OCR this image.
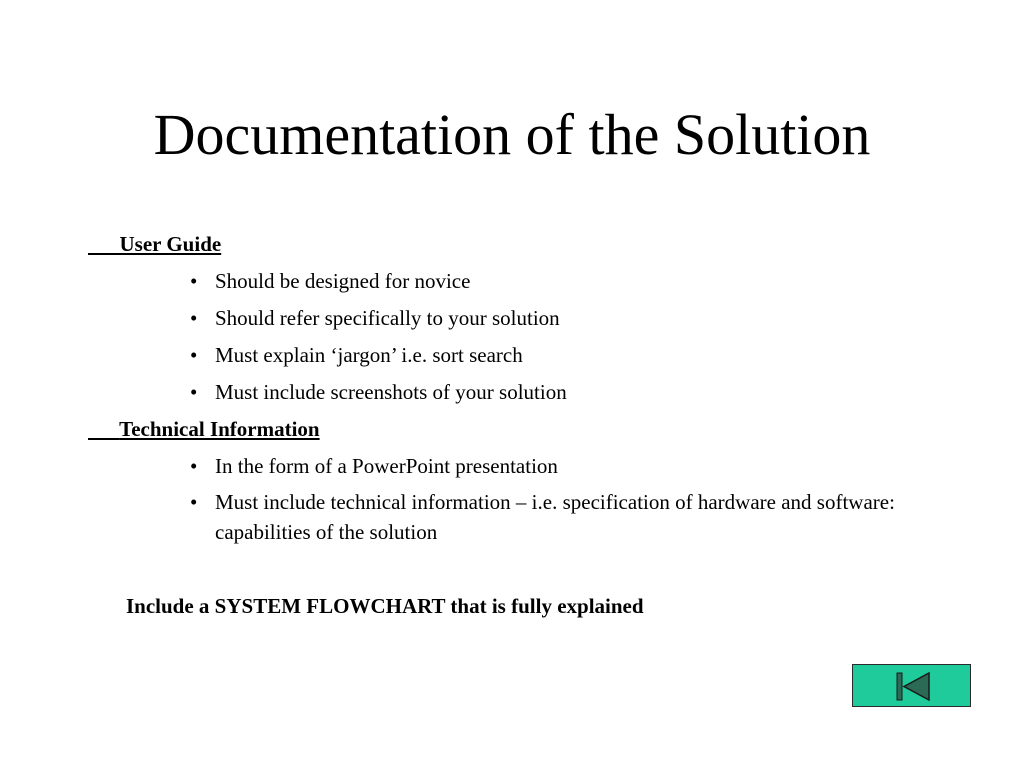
Documentation of the Solution
User Guide
• Should be designed for novice
• Should refer specifically to your solution
• Must explain ‘jargon’ i.e. sort search
• Must include screenshots of your solution
Technical Information
• In the form of a PowerPoint presentation
• Must include technical information – i.e. specification of hardware and software: capabilities of the solution
Include a SYSTEM FLOWCHART that is fully explained
